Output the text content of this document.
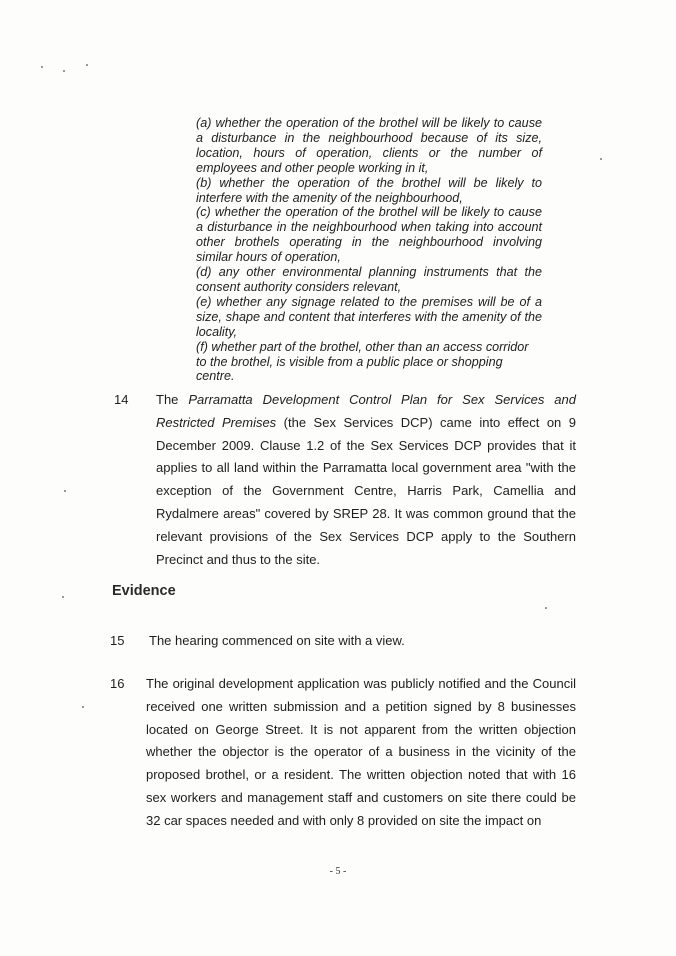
(a) whether the operation of the brothel will be likely to cause a disturbance in the neighbourhood because of its size, location, hours of operation, clients or the number of employees and other people working in it,

(b) whether the operation of the brothel will be likely to interfere with the amenity of the neighbourhood,

(c) whether the operation of the brothel will be likely to cause a disturbance in the neighbourhood when taking into account other brothels operating in the neighbourhood involving similar hours of operation,

(d) any other environmental planning instruments that the consent authority considers relevant,

(e) whether any signage related to the premises will be of a size, shape and content that interferes with the amenity of the locality,

(f) whether part of the brothel, other than an access corridor to the brothel, is visible from a public place or shopping centre.

14	The Parramatta Development Control Plan for Sex Services and Restricted Premises (the Sex Services DCP) came into effect on 9 December 2009. Clause 1.2 of the Sex Services DCP provides that it applies to all land within the Parramatta local government area "with the exception of the Government Centre, Harris Park, Camellia and Rydalmere areas" covered by SREP 28. It was common ground that the relevant provisions of the Sex Services DCP apply to the Southern Precinct and thus to the site.
Evidence
15	The hearing commenced on site with a view.
16	The original development application was publicly notified and the Council received one written submission and a petition signed by 8 businesses located on George Street. It is not apparent from the written objection whether the objector is the operator of a business in the vicinity of the proposed brothel, or a resident. The written objection noted that with 16 sex workers and management staff and customers on site there could be 32 car spaces needed and with only 8 provided on site the impact on
- 5 -
